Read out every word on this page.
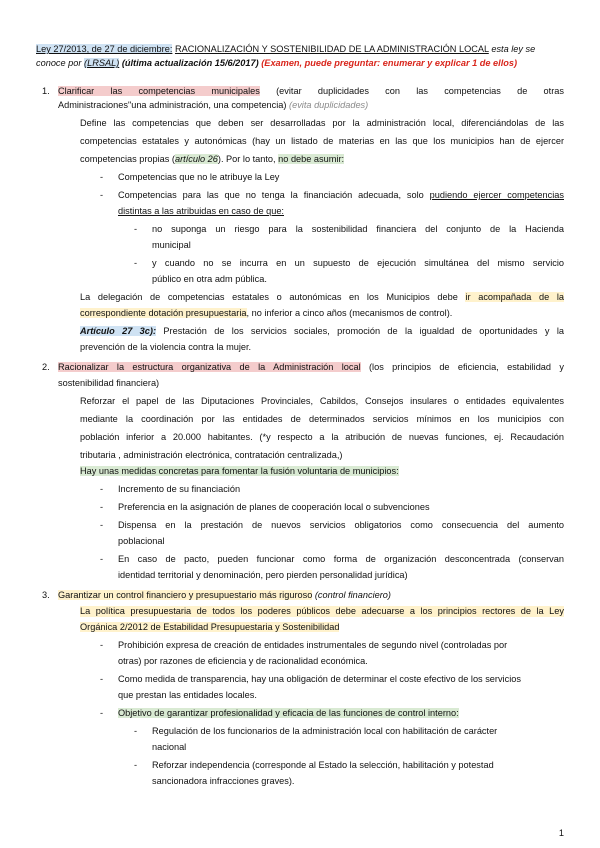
Ley 27/2013, de 27 de diciembre: RACIONALIZACIÓN Y SOSTENIBILIDAD DE LA ADMINISTRACIÓN LOCAL esta ley se
conoce por (LRSAL) (última actualización 15/6/2017) (Examen, puede preguntar: enumerar y explicar 1 de ellos)
1. Clarificar las competencias municipales (evitar duplicidades con las competencias de otras
Administraciones"una administración, una competencia) (evita duplicidades)
Define las competencias que deben ser desarrolladas por la administración local, diferenciándolas de las
competencias estatales y autonómicas (hay un listado de materias en las que los municipios han de ejercer
competencias propias (artículo 26). Por lo tanto, no debe asumir:
- Competencias que no le atribuye la Ley
- Competencias para las que no tenga la financiación adecuada, solo pudiendo ejercer competencias
distintas a las atribuidas en caso de que:
- no suponga un riesgo para la sostenibilidad financiera del conjunto de la Hacienda
municipal
- y cuando no se incurra en un supuesto de ejecución simultánea del mismo servicio
público en otra adm pública.
La delegación de competencias estatales o autonómicas en los Municipios debe ir acompañada de la
correspondiente dotación presupuestaria, no inferior a cinco años (mecanismos de control).
Artículo 27 3c): Prestación de los servicios sociales, promoción de la igualdad de oportunidades y la
prevención de la violencia contra la mujer.
2. Racionalizar la estructura organizativa de la Administración local (los principios de eficiencia, estabilidad y
sostenibilidad financiera)
Reforzar el papel de las Diputaciones Provinciales, Cabildos, Consejos insulares o entidades equivalentes
mediante la coordinación por las entidades de determinados servicios mínimos en los municipios con
población inferior a 20.000 habitantes. (*y respecto a la atribución de nuevas funciones, ej. Recaudación
tributaria , administración electrónica, contratación centralizada,)
Hay unas medidas concretas para fomentar la fusión voluntaria de municipios:
- Incremento de su financiación
- Preferencia en la asignación de planes de cooperación local o subvenciones
- Dispensa en la prestación de nuevos servicios obligatorios como consecuencia del aumento
poblacional
- En caso de pacto, pueden funcionar como forma de organización desconcentrada (conservan
identidad territorial y denominación, pero pierden personalidad jurídica)
3. Garantizar un control financiero y presupuestario más riguroso (control financiero)
La política presupuestaria de todos los poderes públicos debe adecuarse a los principios rectores de la Ley
Orgánica 2/2012 de Estabilidad Presupuestaria y Sostenibilidad
- Prohibición expresa de creación de entidades instrumentales de segundo nivel (controladas por
otras) por razones de eficiencia y de racionalidad económica.
- Como medida de transparencia, hay una obligación de determinar el coste efectivo de los servicios
que prestan las entidades locales.
- Objetivo de garantizar profesionalidad y eficacia de las funciones de control interno:
- Regulación de los funcionarios de la administración local con habilitación de carácter
nacional
- Reforzar independencia (corresponde al Estado la selección, habilitación y potestad
sancionadora infracciones graves).
1
